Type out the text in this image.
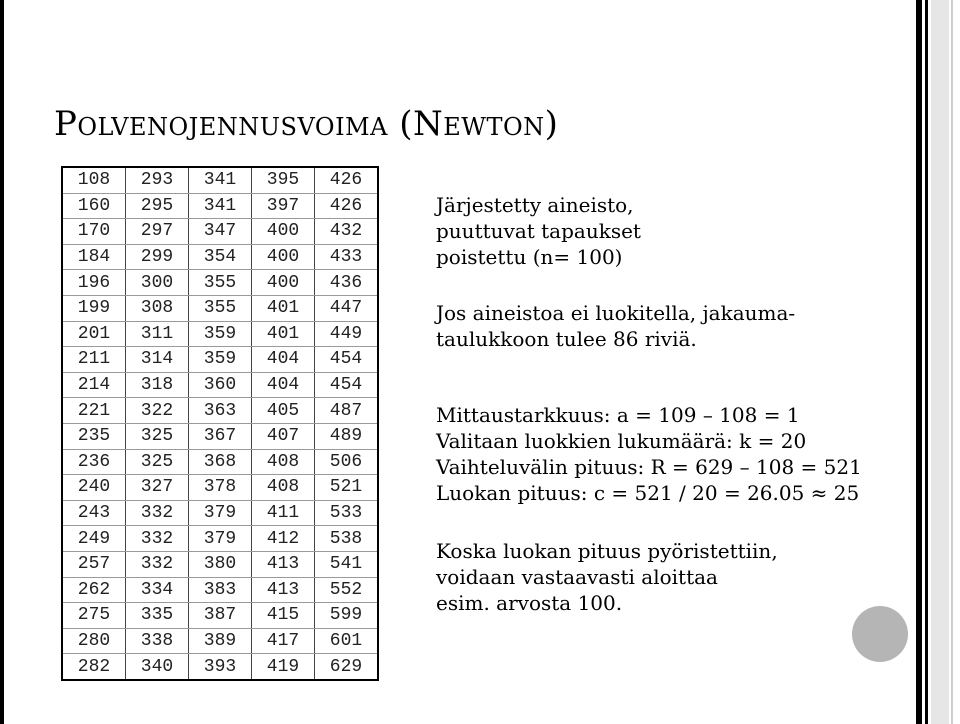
Polvenojennusvoima (Newton)
108	293	341	395	426
160	295	341	397	426
170	297	347	400	432
184	299	354	400	433
196	300	355	400	436
199	308	355	401	447
201	311	359	401	449
211	314	359	404	454
214	318	360	404	454
221	322	363	405	487
235	325	367	407	489
236	325	368	408	506
240	327	378	408	521
243	332	379	411	533
249	332	379	412	538
257	332	380	413	541
262	334	383	413	552
275	335	387	415	599
280	338	389	417	601
282	340	393	419	629

Järjestetty aineisto,

puuttuvat tapaukset

poistettu (n= 100)

Jos aineistoa ei luokitella, jakauma-

taulukkoon tulee 86 riviä.

Mittaustarkkuus: a = 109 – 108 = 1

Valitaan luokkien lukumäärä: k = 20

Vaihteluvälin pituus: R = 629 – 108 = 521

Luokan pituus: c = 521 / 20 = 26.05 ≈ 25

Koska luokan pituus pyöristettiin,

voidaan vastaavasti aloittaa

esim. arvosta 100.
